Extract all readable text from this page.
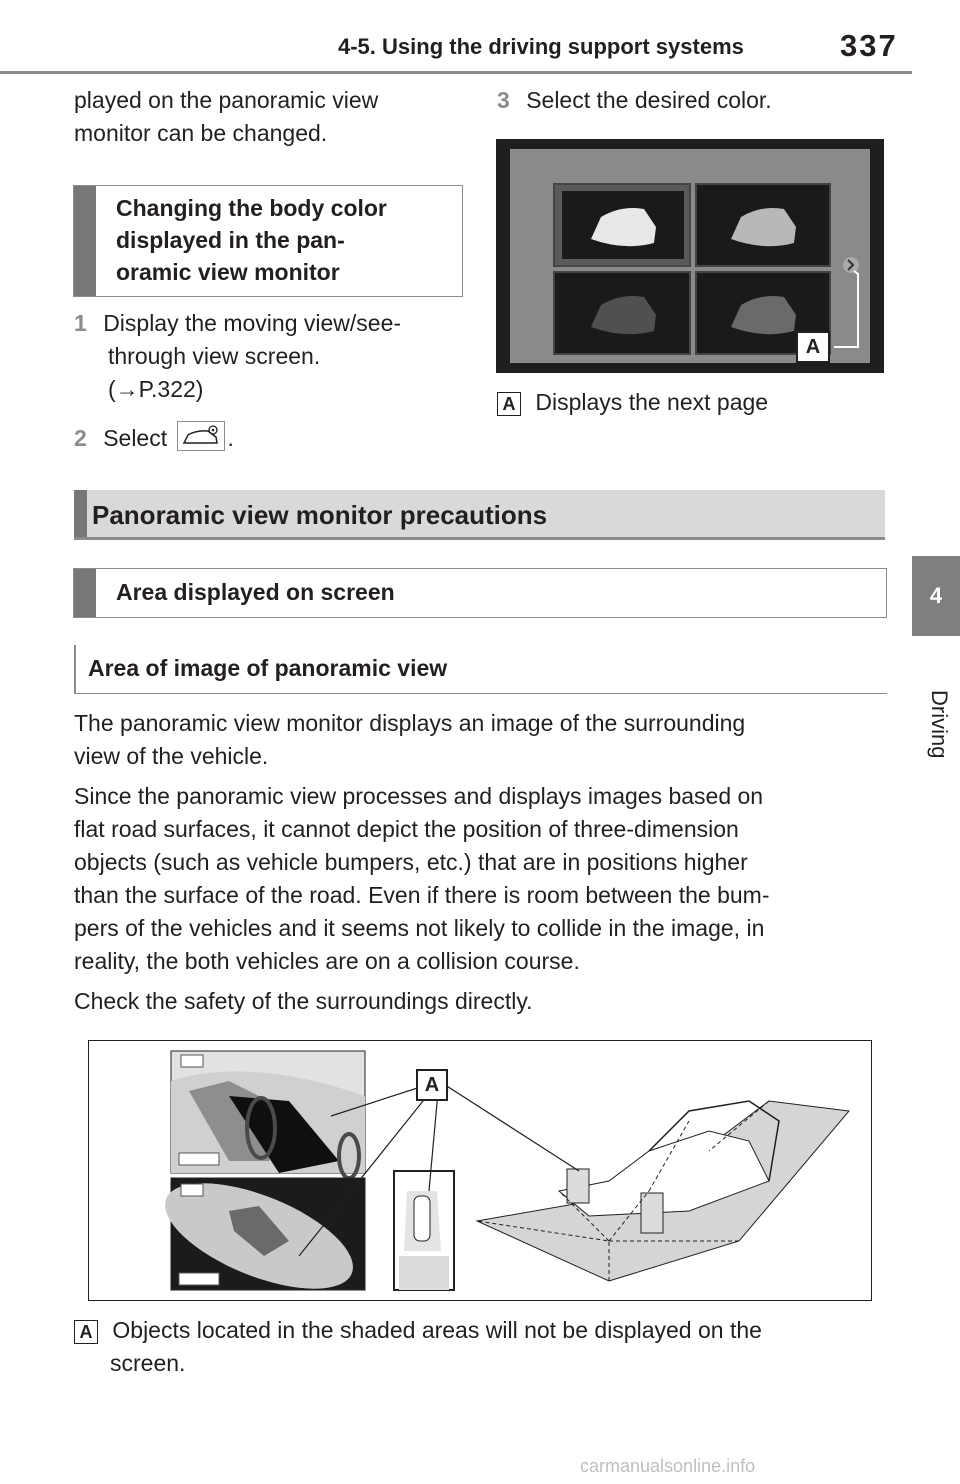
4-5. Using the driving support systems	337
4
Driving
played on the panoramic view
monitor can be changed.
Changing the body color
displayed in the pan-
oramic view monitor
1 Display the moving view/see-
through view screen.
(→P.322)
2 Select	.
3 Select the desired color.
A
A Displays the next page
Panoramic view monitor precautions
Area displayed on screen
Area of image of panoramic view
The panoramic view monitor displays an image of the surrounding
view of the vehicle.
Since the panoramic view processes and displays images based on
flat road surfaces, it cannot depict the position of three-dimension
objects (such as vehicle bumpers, etc.) that are in positions higher
than the surface of the road. Even if there is room between the bum-
pers of the vehicles and it seems not likely to collide in the image, in
reality, the both vehicles are on a collision course.
Check the safety of the surroundings directly.
A
A Objects located in the shaded areas will not be displayed on the
screen.
carmanualsonline.info
